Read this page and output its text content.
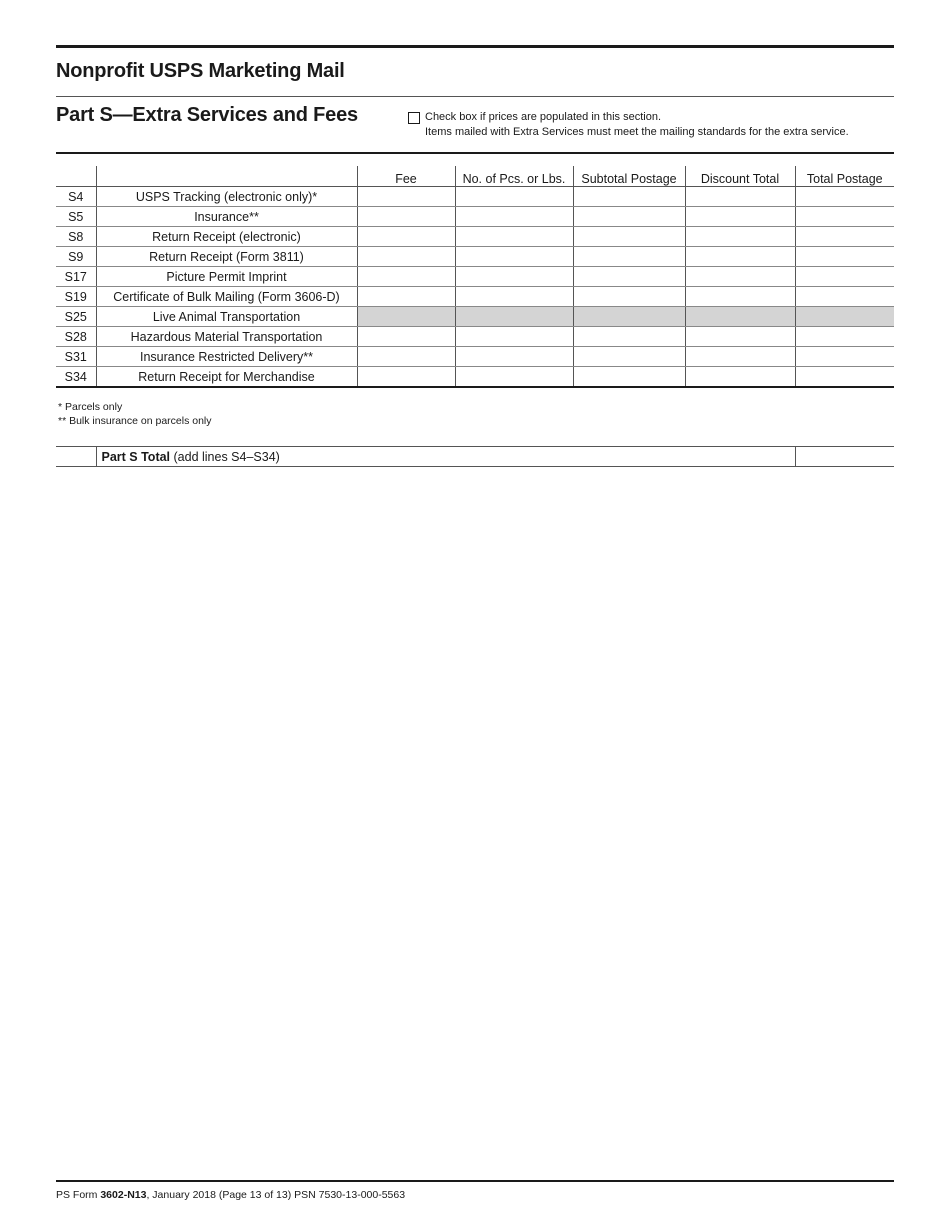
Nonprofit USPS Marketing Mail
Part S—Extra Services and Fees	Check box if prices are populated in this section.
Items mailed with Extra Services must meet the mailing standards for the extra service.
		Fee	No. of Pcs. or Lbs.	Subtotal Postage	Discount Total	Total Postage
S4	USPS Tracking (electronic only)*					
S5	Insurance**					
S8	Return Receipt (electronic)					
S9	Return Receipt (Form 3811)					
S17	Picture Permit Imprint					
S19	Certificate of Bulk Mailing (Form 3606-D)					
S25	Live Animal Transportation					
S28	Hazardous Material Transportation					
S31	Insurance Restricted Delivery**					
S34	Return Receipt for Merchandise					
* Parcels only
** Bulk insurance on parcels only
	Part S Total (add lines S4–S34)	
PS Form 3602-N13, January 2018 (Page 13 of 13) PSN 7530-13-000-5563
